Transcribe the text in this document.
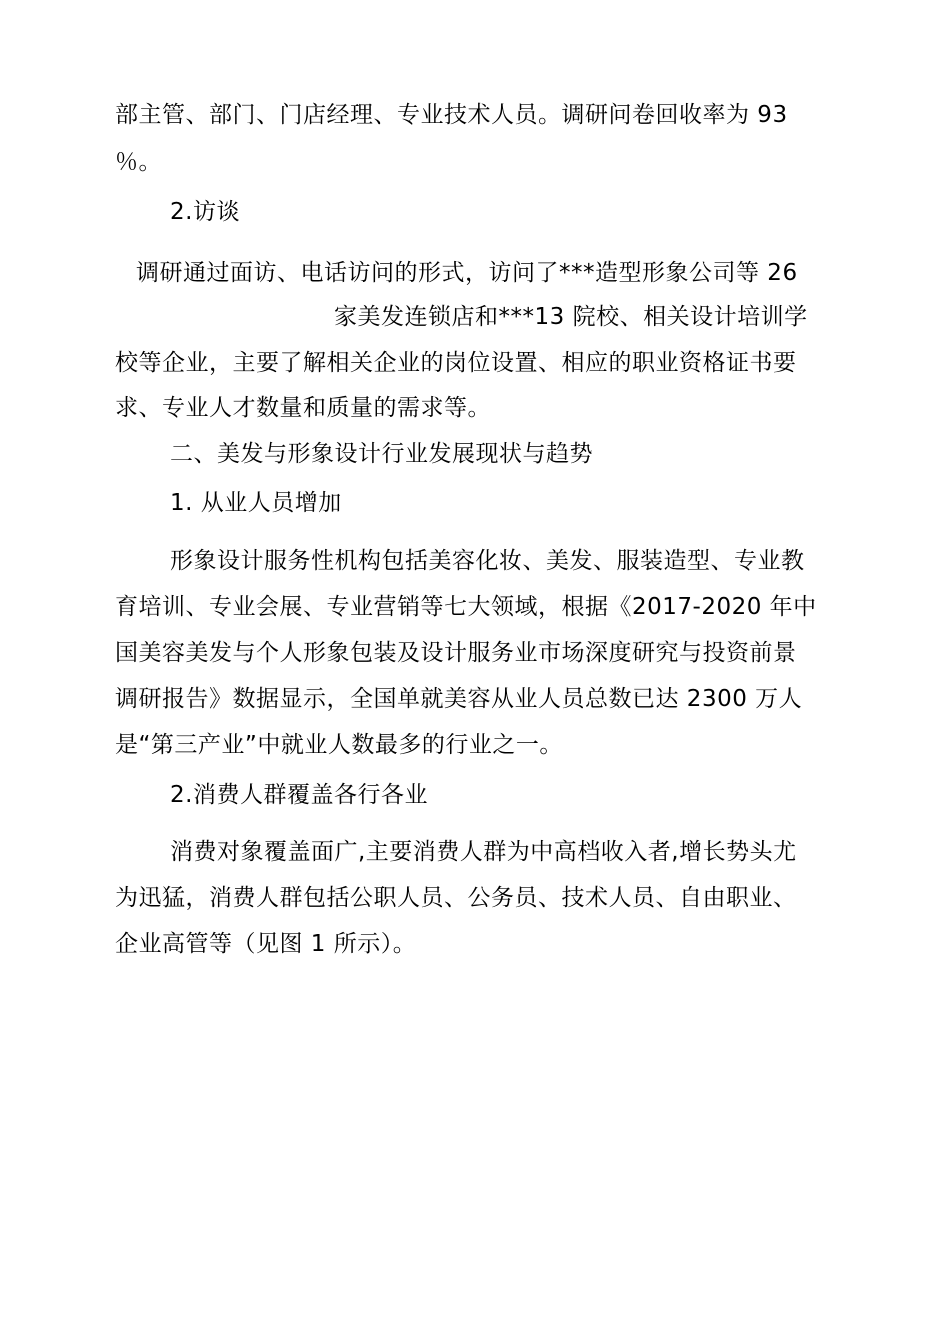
部主管、部门、门店经理、专业技术人员。调研问卷回收率为 93
％。
2.访谈
调研通过面访、电话访问的形式，访问了***造型形象公司等 26
家美发连锁店和***13 院校、相关设计培训学
校等企业，主要了解相关企业的岗位设置、相应的职业资格证书要
求、专业人才数量和质量的需求等。
二、美发与形象设计行业发展现状与趋势
1. 从业人员增加
形象设计服务性机构包括美容化妆、美发、服装造型、专业教
育培训、专业会展、专业营销等七大领域，根据《2017-2020 年中
国美容美发与个人形象包装及设计服务业市场深度研究与投资前景
调研报告》数据显示，全国单就美容从业人员总数已达 2300 万人
是“第三产业”中就业人数最多的行业之一。
2.消费人群覆盖各行各业
消费对象覆盖面广,主要消费人群为中高档收入者,增长势头尤
为迅猛，消费人群包括公职人员、公务员、技术人员、自由职业、
企业高管等（见图 1 所示）。
